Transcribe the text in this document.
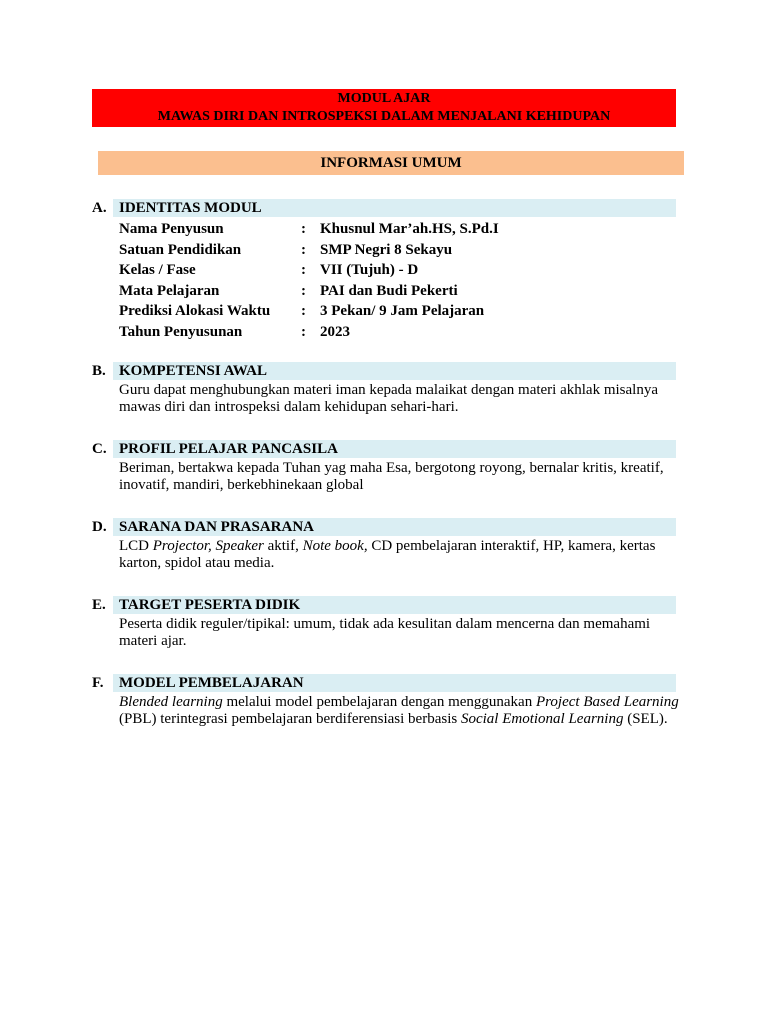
MODUL AJAR
MAWAS DIRI DAN INTROSPEKSI DALAM MENJALANI KEHIDUPAN
INFORMASI UMUM
A. IDENTITAS MODUL
Nama Penyusun	: Khusnul Mar’ah.HS, S.Pd.I
Satuan Pendidikan	: SMP Negri 8 Sekayu
Kelas / Fase	: VII (Tujuh) - D
Mata Pelajaran	: PAI dan Budi Pekerti
Prediksi Alokasi Waktu : 3 Pekan/ 9 Jam Pelajaran
Tahun Penyusunan	: 2023
B. KOMPETENSI AWAL
Guru dapat menghubungkan materi iman kepada malaikat dengan materi akhlak misalnya mawas diri dan introspeksi dalam kehidupan sehari-hari.
C. PROFIL PELAJAR PANCASILA
Beriman, bertakwa kepada Tuhan yag maha Esa, bergotong royong, bernalar kritis, kreatif, inovatif, mandiri, berkebhinekaan global
D. SARANA DAN PRASARANA
LCD Projector, Speaker aktif, Note book, CD pembelajaran interaktif, HP, kamera, kertas karton, spidol atau media.
E. TARGET PESERTA DIDIK
Peserta didik reguler/tipikal: umum, tidak ada kesulitan dalam mencerna dan memahami materi ajar.
F. MODEL PEMBELAJARAN
Blended learning melalui model pembelajaran dengan menggunakan Project Based Learning (PBL) terintegrasi pembelajaran berdiferensiasi berbasis Social Emotional Learning (SEL).
